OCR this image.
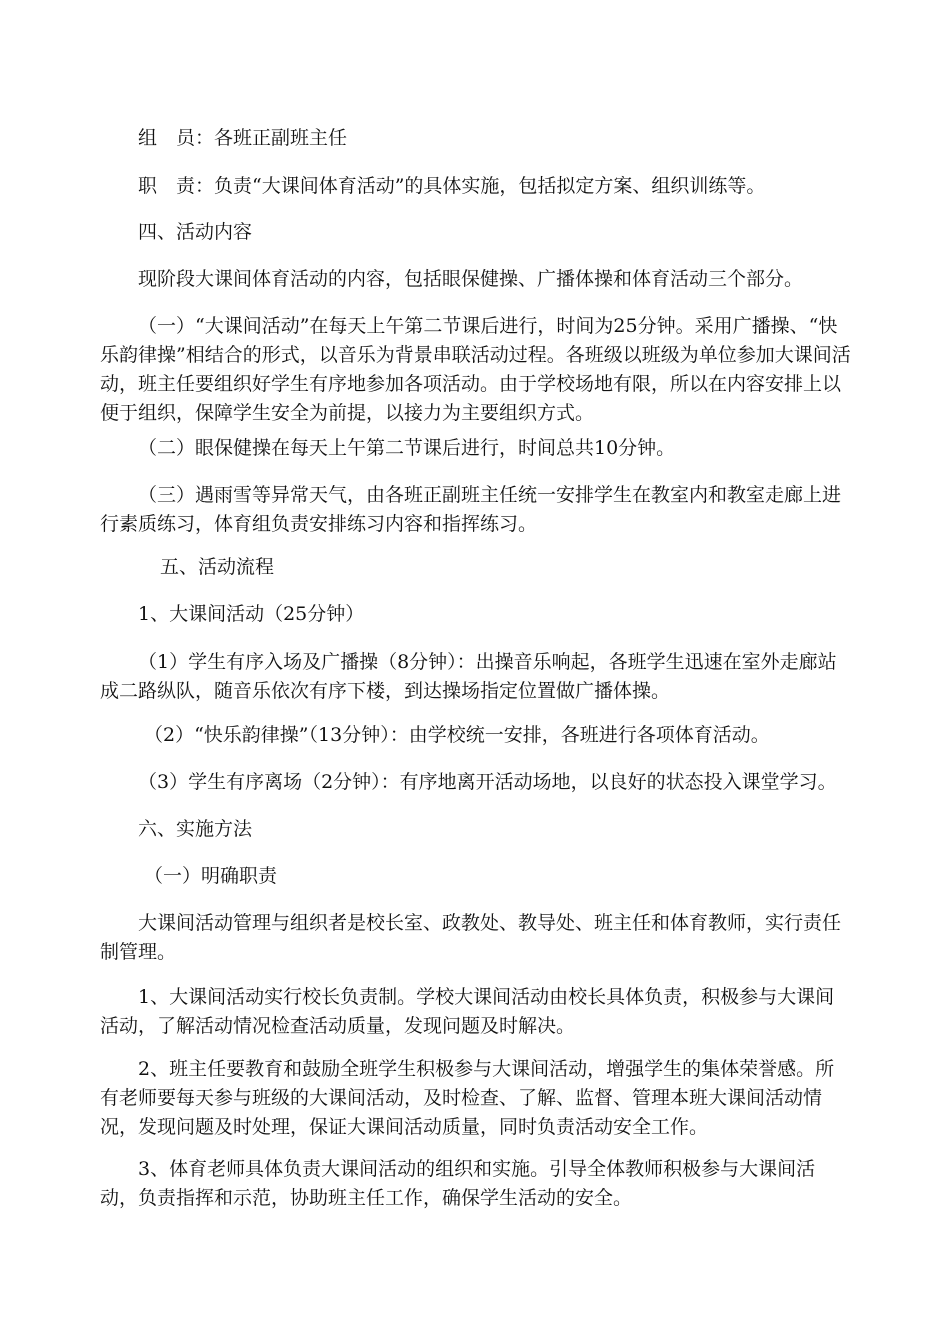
组　员：各班正副班主任

职　责：负责“大课间体育活动”的具体实施，包括拟定方案、组织训练等。

四、活动内容

现阶段大课间体育活动的内容，包括眼保健操、广播体操和体育活动三个部分。

（一）“大课间活动”在每天上午第二节课后进行，时间为25分钟。采用广播操、“快乐韵律操”相结合的形式，以音乐为背景串联活动过程。各班级以班级为单位参加大课间活动，班主任要组织好学生有序地参加各项活动。由于学校场地有限，所以在内容安排上以便于组织，保障学生安全为前提，以接力为主要组织方式。

（二）眼保健操在每天上午第二节课后进行，时间总共10分钟。

（三）遇雨雪等异常天气，由各班正副班主任统一安排学生在教室内和教室走廊上进行素质练习，体育组负责安排练习内容和指挥练习。

五、活动流程

1、大课间活动（25分钟）

（1）学生有序入场及广播操（8分钟）：出操音乐响起，各班学生迅速在室外走廊站成二路纵队，随音乐依次有序下楼，到达操场指定位置做广播体操。

（2）“快乐韵律操”（13分钟）：由学校统一安排，各班进行各项体育活动。

（3）学生有序离场（2分钟）：有序地离开活动场地，以良好的状态投入课堂学习。

六、实施方法

（一）明确职责

大课间活动管理与组织者是校长室、政教处、教导处、班主任和体育教师，实行责任制管理。

1、大课间活动实行校长负责制。学校大课间活动由校长具体负责，积极参与大课间活动，了解活动情况检查活动质量，发现问题及时解决。

2、班主任要教育和鼓励全班学生积极参与大课间活动，增强学生的集体荣誉感。所有老师要每天参与班级的大课间活动，及时检查、了解、监督、管理本班大课间活动情况，发现问题及时处理，保证大课间活动质量，同时负责活动安全工作。

3、体育老师具体负责大课间活动的组织和实施。引导全体教师积极参与大课间活动，负责指挥和示范，协助班主任工作，确保学生活动的安全。
